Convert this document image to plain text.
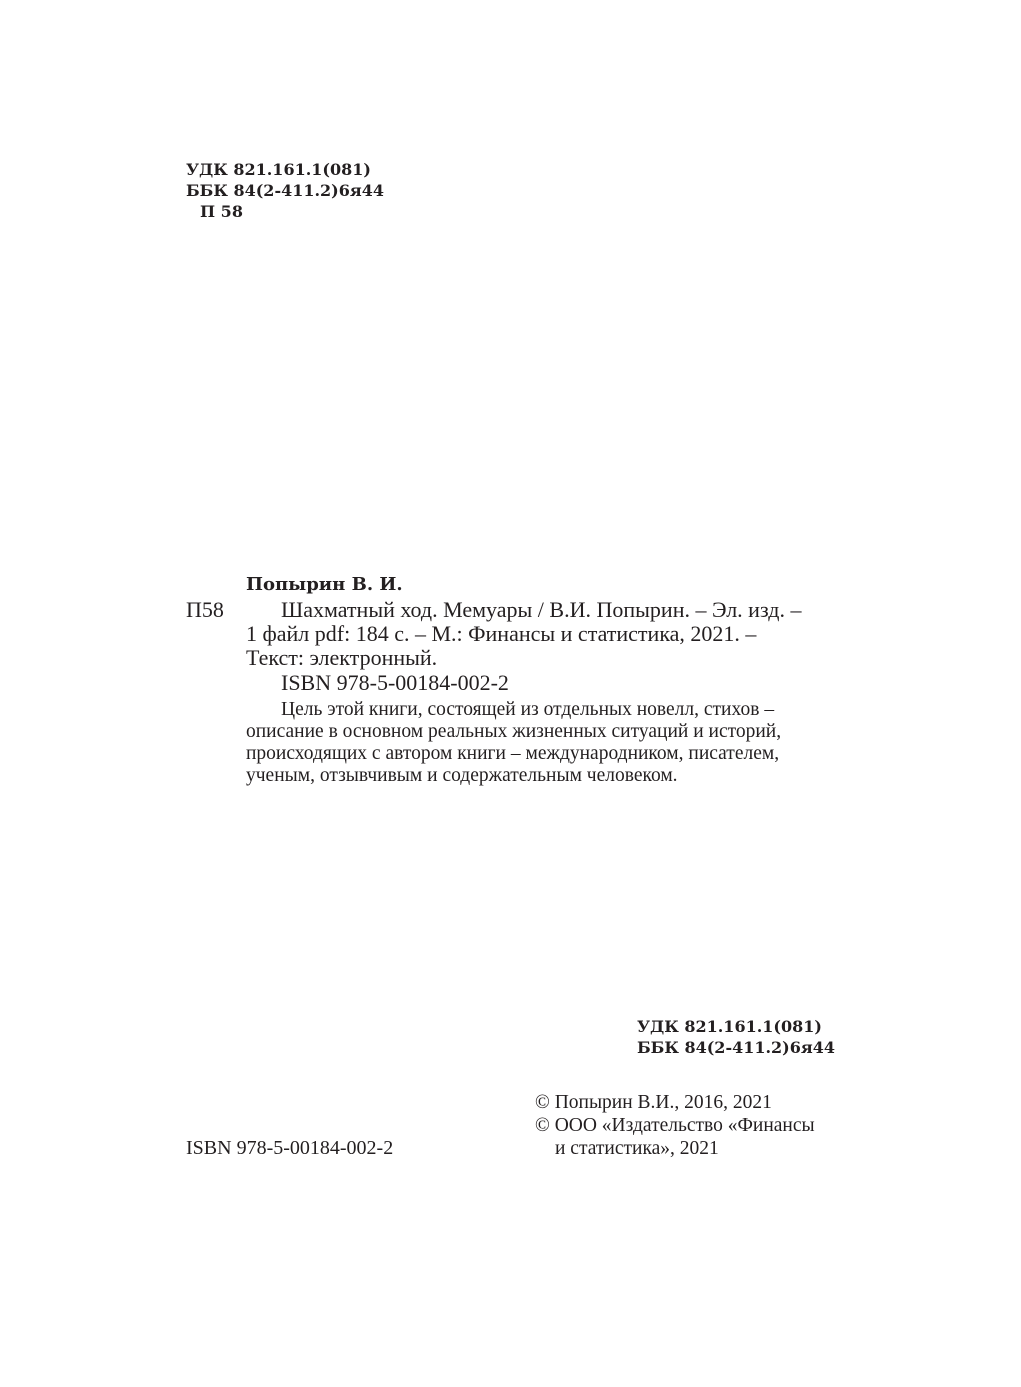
УДК 821.161.1(081)
ББК 84(2-411.2)6я44
П 58
Попырин В. И.
П58	Шахматный ход. Мемуары / В.И. Попырин. – Эл. изд. –
1 файл pdf: 184 с. – М.: Финансы и статистика, 2021. –
Текст: электронный.
ISBN 978-5-00184-002-2
Цель этой книги, состоящей из отдельных новелл, стихов –
описание в основном реальных жизненных ситуаций и историй,
происходящих с автором книги – международником, писателем,
ученым, отзывчивым и содержательным человеком.
УДК 821.161.1(081)
ББК 84(2-411.2)6я44
© Попырин В.И., 2016, 2021
© ООО «Издательство «Финансы
и статистика», 2021
ISBN 978-5-00184-002-2
